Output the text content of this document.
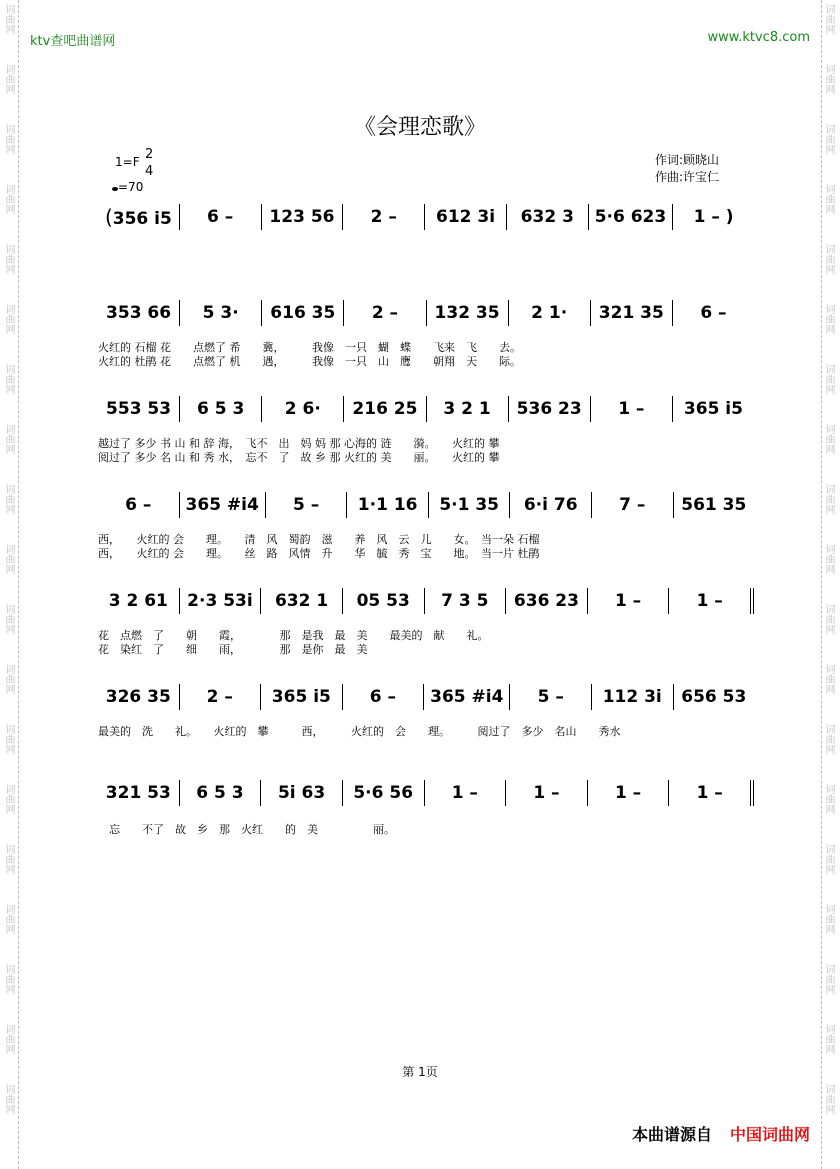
词曲网
词曲网
词曲网
词曲网
词曲网
词曲网
词曲网
词曲网
词曲网
词曲网
词曲网
词曲网
词曲网
词曲网
词曲网
词曲网
词曲网
词曲网
词曲网
词曲网
词曲网
词曲网
词曲网
词曲网
词曲网
词曲网
词曲网
词曲网
词曲网
词曲网
词曲网
词曲网
词曲网
词曲网
词曲网
词曲网
词曲网
词曲网
ktv查吧曲谱网	www.ktvc8.com
《会理恋歌》
1=F 2
4
=70
作词:顾晓山
作曲:许宝仁
(356 i5	6 –	123 56	2 –	612 3i	632 3	5·6 623	1 – )
353 66	5 3·	616 35	2 –	132 35	2 1·	321 35	6 –
火红的 石榴 花　　点燃了 希　　冀，　　　我像　一只　蝴　蝶　　飞来　飞　　去。
火红的 杜鹃 花　　点燃了 机　　遇，　　　我像　一只　山　鹰　　朝翔　天　　际。
553 53	6 5 3	2 6·	216 25	3 2 1	536 23	1 –	365 i5
越过了 多少 书 山 和 辞 海，　飞不　出　妈 妈 那 心海的 涟　　漪。　　火红的 攀
阅过了 多少 名 山 和 秀 水，　忘不　了　故 乡 那 火红的 美　　丽。　　火红的 攀
6 –	365 #i4	5 –	1·1 16	5·1 35	6·i 76	7 –	561 35
西，　　火红的 会　　理。　　清　风　蜀韵　滋　　养　风　云　儿　　女。　当一朵 石榴
西，　　火红的 会　　理。　　丝　路　风情　升　　华　毓　秀　宝　　地。　当一片 杜鹃
3 2 61	2·3 53i	632 1	05 53	7 3 5	636 23	1 –	1 –
花　点燃　了　　朝　　霞，　　　　那　是我　最　美　　最美的　献　　礼。
花　染红　了　　细　　雨，　　　　那　是你　最　美
326 35	2 –	365 i5	6 –	365 #i4	5 –	112 3i	656 53
最美的　洗　　礼。　　火红的　攀　　　西，　　　火红的　会　　理。　　　阅过了　多少　名山　　秀水
321 53	6 5 3	5i 63	5·6 56	1 –	1 –	1 –	1 –
　忘　　不了　故　乡　那　火红　　的　美　　　　　丽。
第 1页
本曲谱源自 中国词曲网
